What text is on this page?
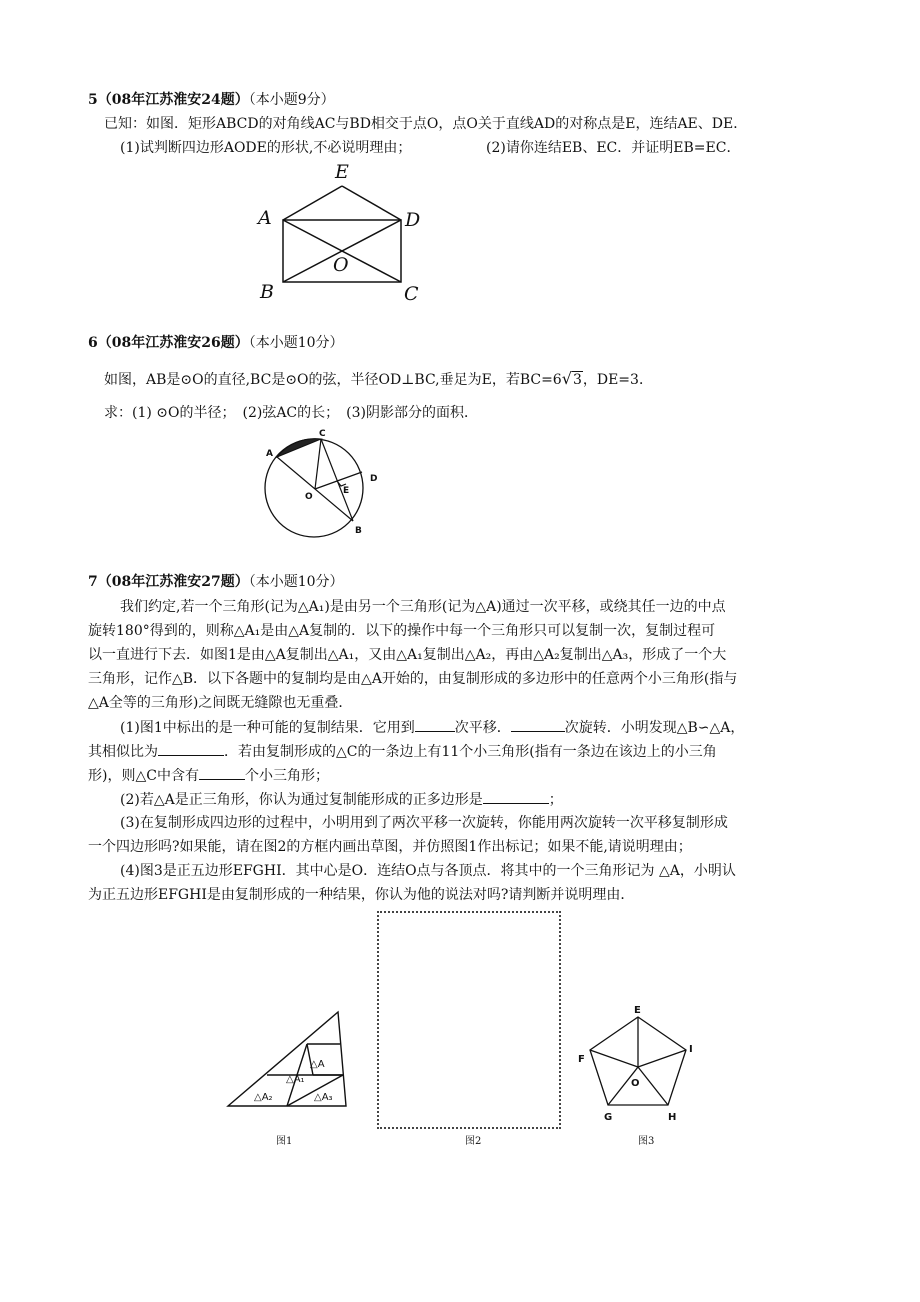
5（08年江苏淮安24题）（本小题9分）
已知：如图．矩形ABCD的对角线AC与BD相交于点O，点O关于直线AD的对称点是E，连结AE、DE．
(1)试判断四边形AODE的形状,不必说明理由；	(2)请你连结EB、EC．并证明EB=EC．
E
A	D
O
B	C
6（08年江苏淮安26题）（本小题10分）
如图，AB是⊙O的直径,BC是⊙O的弦，半径OD⊥BC,垂足为E，若BC=6√3，DE=3．
求：(1) ⊙O的半径；　(2)弦AC的长；　(3)阴影部分的面积．
A
C
D
O
E
B
7（08年江苏淮安27题）（本小题10分）
我们约定,若一个三角形(记为△A₁)是由另一个三角形(记为△A)通过一次平移，或绕其任一边的中点
旋转180°得到的，则称△A₁是由△A复制的．以下的操作中每一个三角形只可以复制一次，复制过程可
以一直进行下去．如图1是由△A复制出△A₁，又由△A₁复制出△A₂，再由△A₂复制出△A₃，形成了一个大
三角形，记作△B．以下各题中的复制均是由△A开始的，由复制形成的多边形中的任意两个小三角形(指与
△A全等的三角形)之间既无缝隙也无重叠．
(1)图1中标出的是一种可能的复制结果．它用到	次平移．	次旋转．小明发现△B∽△A，
其相似比为	．若由复制形成的△C的一条边上有11个小三角形(指有一条边在该边上的小三角
形)，则△C中含有	个小三角形；
(2)若△A是正三角形，你认为通过复制能形成的正多边形是	；
(3)在复制形成四边形的过程中，小明用到了两次平移一次旋转，你能用两次旋转一次平移复制形成
一个四边形吗?如果能，请在图2的方框内画出草图，并仿照图1作出标记；如果不能,请说明理由；
(4)图3是正五边形EFGHI．其中心是O．连结O点与各顶点．将其中的一个三角形记为 △A，小明认
为正五边形EFGHI是由复制形成的一种结果，你认为他的说法对吗?请判断并说明理由．
△A
△A₁
△A₂	△A₃
图1	图2
E
F
I
O
G	H
图3
